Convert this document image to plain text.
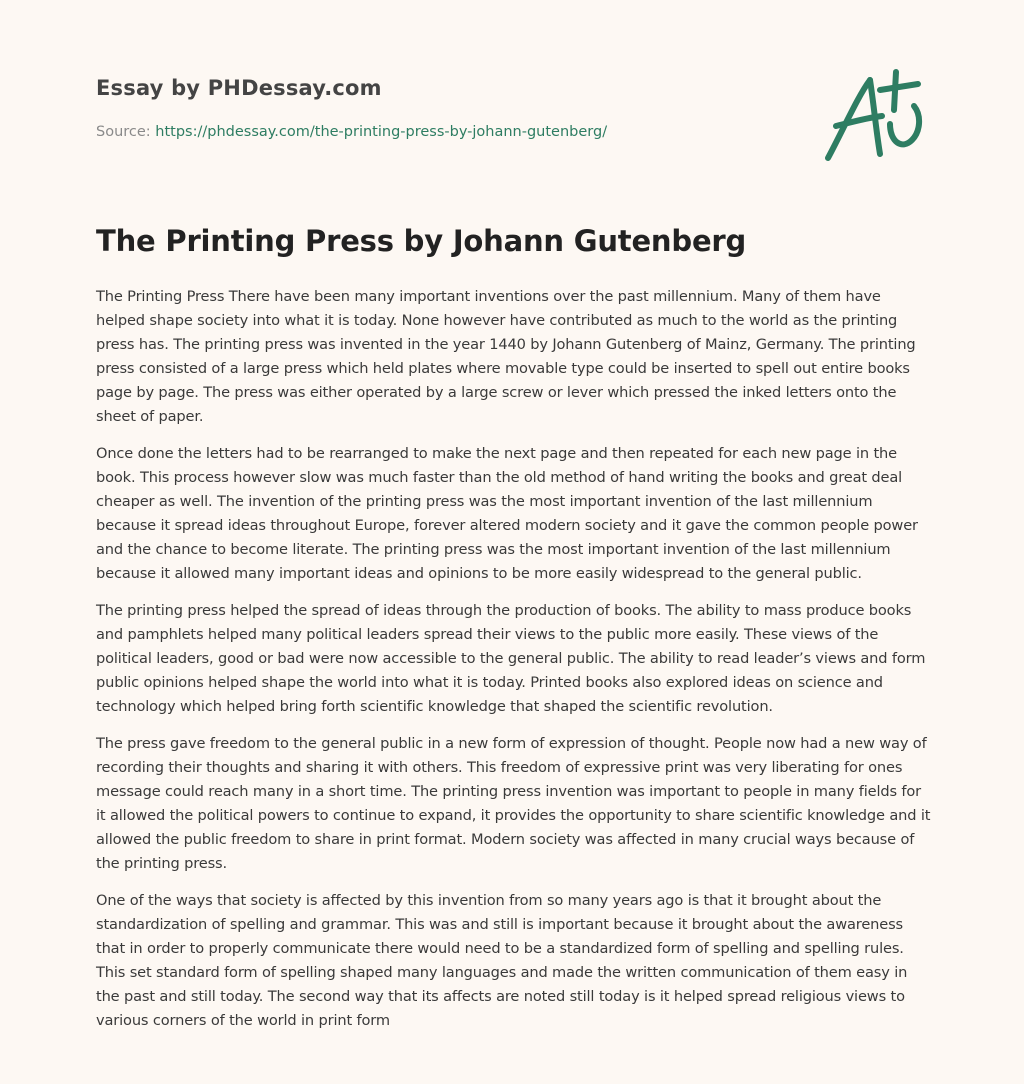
Essay by PHDessay.com

Source: https://phdessay.com/the-printing-press-by-johann-gutenberg/

The Printing Press by Johann Gutenberg

The Printing Press There have been many important inventions over the past millennium. Many of them have helped shape society into what it is today. None however have contributed as much to the world as the printing press has. The printing press was invented in the year 1440 by Johann Gutenberg of Mainz, Germany. The printing press consisted of a large press which held plates where movable type could be inserted to spell out entire books page by page. The press was either operated by a large screw or lever which pressed the inked letters onto the sheet of paper.

Once done the letters had to be rearranged to make the next page and then repeated for each new page in the book. This process however slow was much faster than the old method of hand writing the books and great deal cheaper as well. The invention of the printing press was the most important invention of the last millennium because it spread ideas throughout Europe, forever altered modern society and it gave the common people power and the chance to become literate. The printing press was the most important invention of the last millennium because it allowed many important ideas and opinions to be more easily widespread to the general public.

The printing press helped the spread of ideas through the production of books. The ability to mass produce books and pamphlets helped many political leaders spread their views to the public more easily. These views of the political leaders, good or bad were now accessible to the general public. The ability to read leader’s views and form public opinions helped shape the world into what it is today. Printed books also explored ideas on science and technology which helped bring forth scientific knowledge that shaped the scientific revolution.

The press gave freedom to the general public in a new form of expression of thought. People now had a new way of recording their thoughts and sharing it with others. This freedom of expressive print was very liberating for ones message could reach many in a short time. The printing press invention was important to people in many fields for it allowed the political powers to continue to expand, it provides the opportunity to share scientific knowledge and it allowed the public freedom to share in print format. Modern society was affected in many crucial ways because of the printing press.

One of the ways that society is affected by this invention from so many years ago is that it brought about the standardization of spelling and grammar. This was and still is important because it brought about the awareness that in order to properly communicate there would need to be a standardized form of spelling and spelling rules. This set standard form of spelling shaped many languages and made the written communication of them easy in the past and still today. The second way that its affects are noted still today is it helped spread religious views to various corners of the world in print form
